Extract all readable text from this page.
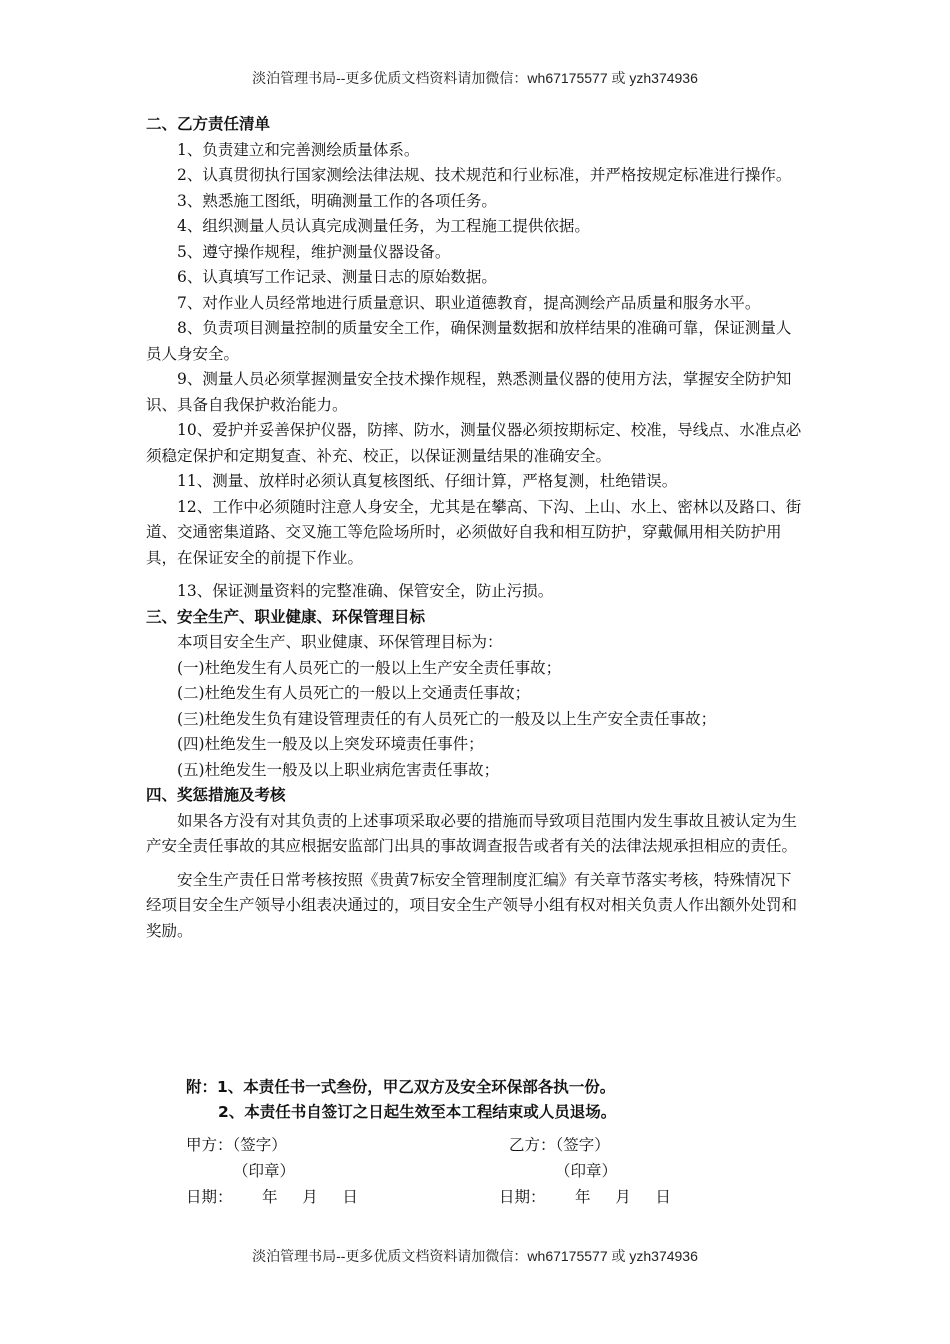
淡泊管理书局--更多优质文档资料请加微信：wh67175577 或 yzh374936

二、乙方责任清单

1、负责建立和完善测绘质量体系。

2、认真贯彻执行国家测绘法律法规、技术规范和行业标准，并严格按规定标准进行操作。

3、熟悉施工图纸，明确测量工作的各项任务。

4、组织测量人员认真完成测量任务，为工程施工提供依据。

5、遵守操作规程，维护测量仪器设备。

6、认真填写工作记录、测量日志的原始数据。

7、对作业人员经常地进行质量意识、职业道德教育，提高测绘产品质量和服务水平。

8、负责项目测量控制的质量安全工作，确保测量数据和放样结果的准确可靠，保证测量人员人身安全。

9、测量人员必须掌握测量安全技术操作规程，熟悉测量仪器的使用方法，掌握安全防护知识、具备自我保护救治能力。

10、爱护并妥善保护仪器，防摔、防水，测量仪器必须按期标定、校准，导线点、水准点必须稳定保护和定期复查、补充、校正，以保证测量结果的准确安全。

11、测量、放样时必须认真复核图纸、仔细计算，严格复测，杜绝错误。

12、工作中必须随时注意人身安全，尤其是在攀高、下沟、上山、水上、密林以及路口、街道、交通密集道路、交叉施工等危险场所时，必须做好自我和相互防护，穿戴佩用相关防护用具，在保证安全的前提下作业。

13、保证测量资料的完整准确、保管安全，防止污损。

三、安全生产、职业健康、环保管理目标

本项目安全生产、职业健康、环保管理目标为：

(一)杜绝发生有人员死亡的一般以上生产安全责任事故；

(二)杜绝发生有人员死亡的一般以上交通责任事故；

(三)杜绝发生负有建设管理责任的有人员死亡的一般及以上生产安全责任事故；

(四)杜绝发生一般及以上突发环境责任事件；

(五)杜绝发生一般及以上职业病危害责任事故；

四、奖惩措施及考核

如果各方没有对其负责的上述事项采取必要的措施而导致项目范围内发生事故且被认定为生产安全责任事故的其应根据安监部门出具的事故调查报告或者有关的法律法规承担相应的责任。

安全生产责任日常考核按照《贵黄7标安全管理制度汇编》有关章节落实考核，特殊情况下经项目安全生产领导小组表决通过的，项目安全生产领导小组有权对相关负责人作出额外处罚和奖励。

附：1、本责任书一式叁份，甲乙双方及安全环保部各执一份。
2、本责任书自签订之日起生效至本工程结束或人员退场。
甲方：（签字）
（印章）
日期：      年     月     日
乙方：（签字）
（印章）
日期：      年     月     日
淡泊管理书局--更多优质文档资料请加微信：wh67175577 或 yzh374936
